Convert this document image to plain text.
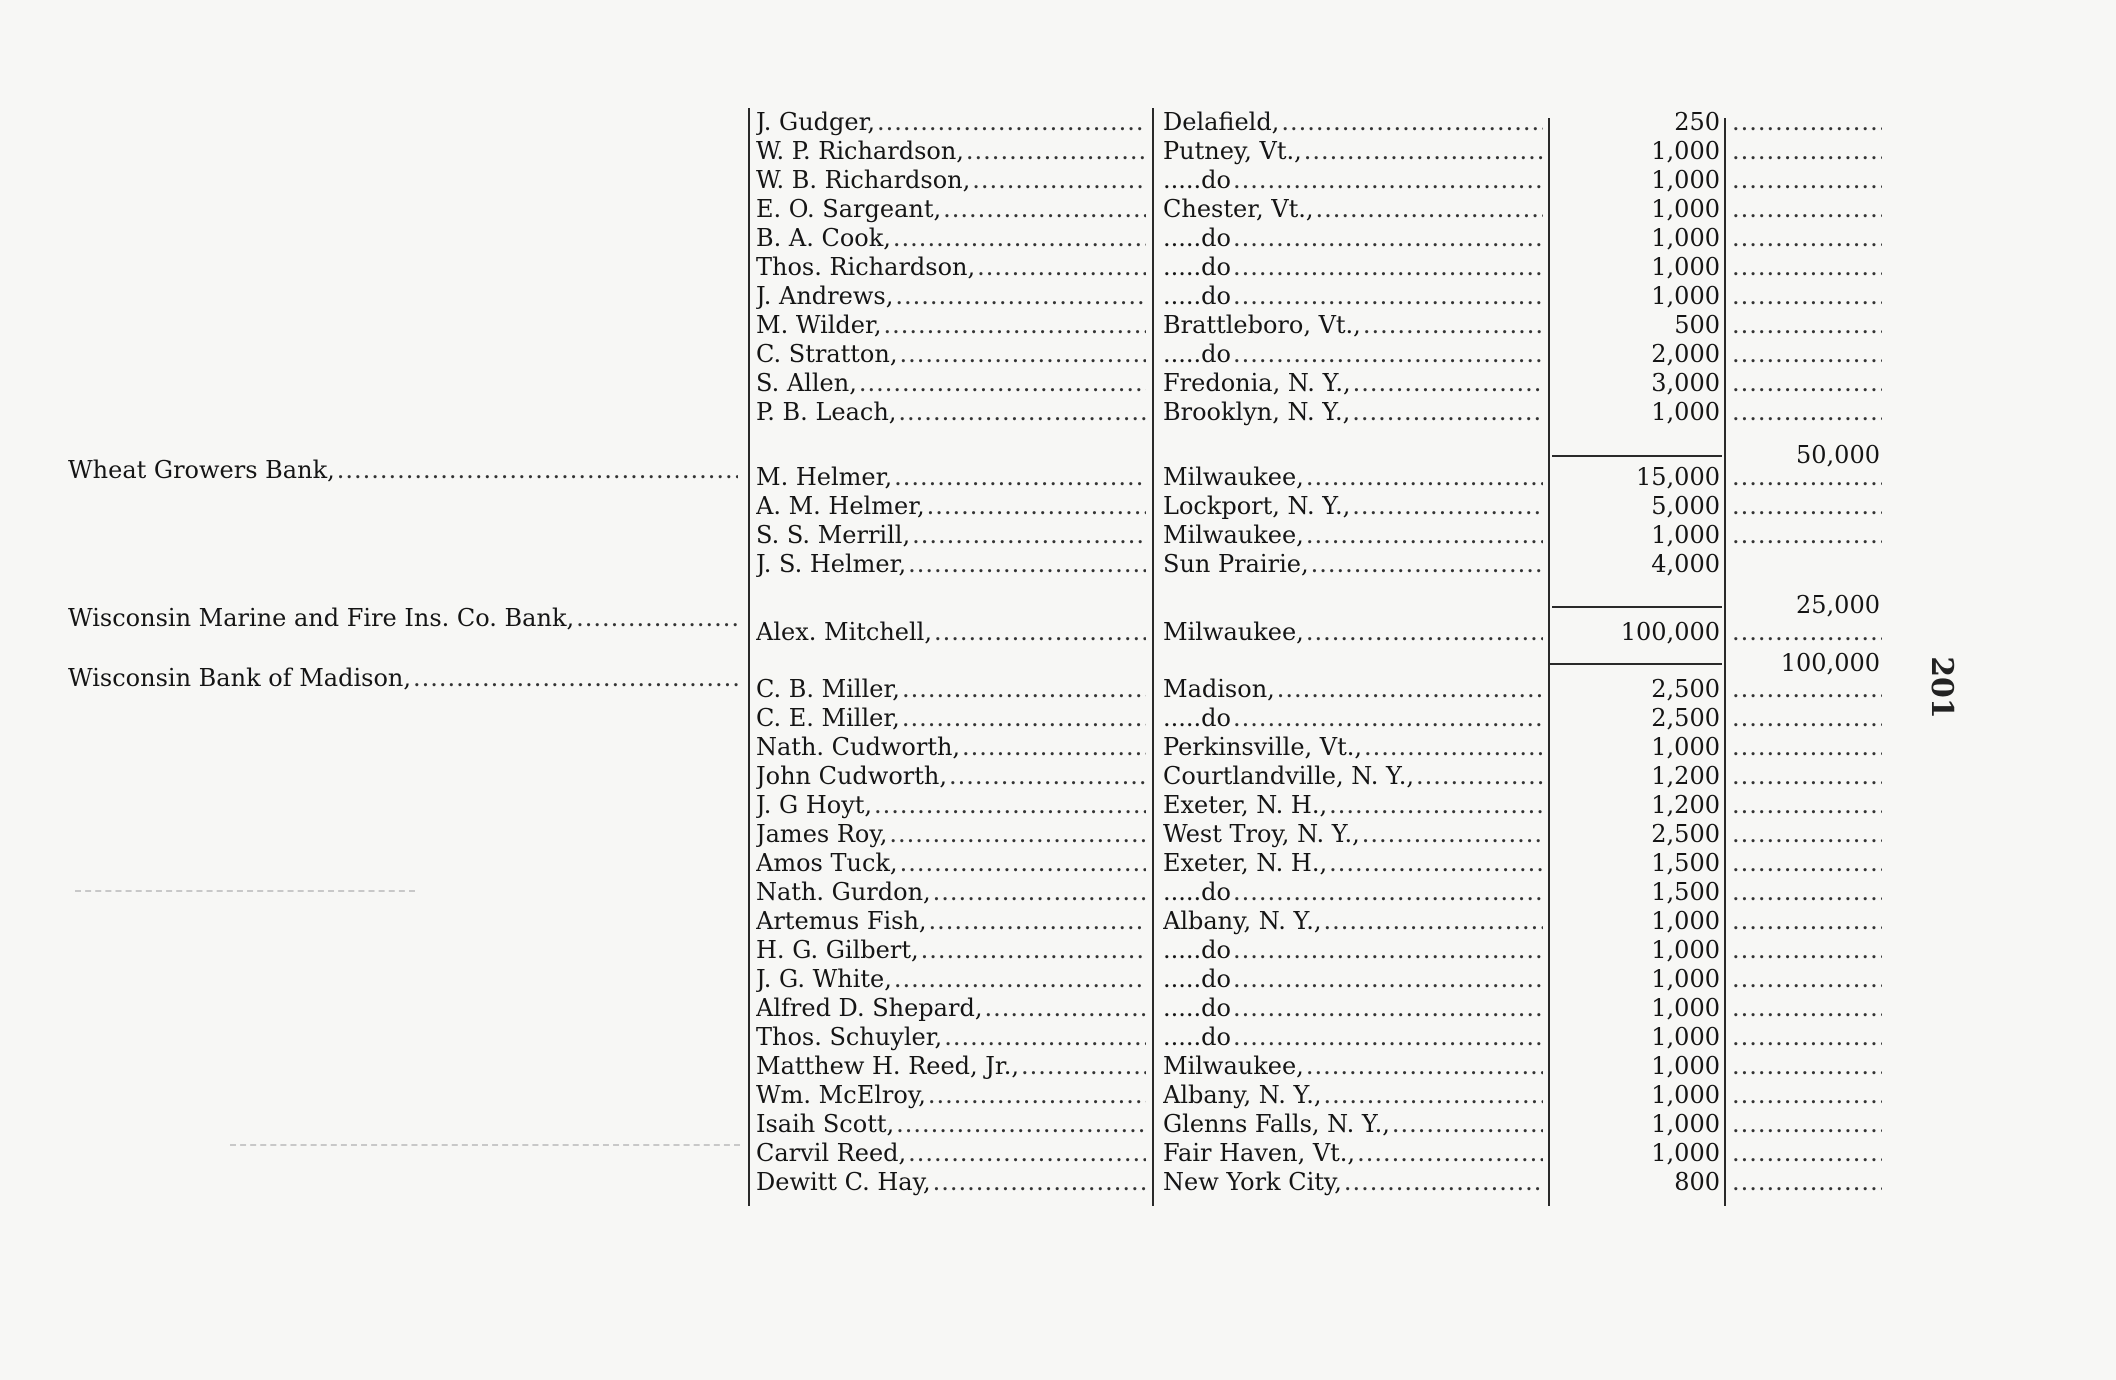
J. Gudger, .....	Delafield, .....	250
.....
W. P. Richardson, .....	Putney, Vt., .....	1,000
.....
W. B. Richardson, .....	.....do .....	1,000
.....
E. O. Sargeant, .....	Chester, Vt., .....	1,000
.....
B. A. Cook, .....	.....do .....	1,000
.....
Thos. Richardson, .....	.....do .....	1,000
.....
J. Andrews, .....	.....do .....	1,000
.....
M. Wilder, .....	Brattleboro, Vt., .....	500
.....
C. Stratton, .....	.....do .....	2,000
.....
S. Allen, .....	Fredonia, N. Y., .....	3,000
.....
P. B. Leach, .....	Brooklyn, N. Y., .....	1,000
.....
50,000
Wheat Growers Bank, .....	M. Helmer, .....	Milwaukee, .....	15,000
.....
A. M. Helmer, .....	Lockport, N. Y., .....	5,000
.....
S. S. Merrill, .....	Milwaukee, .....	1,000
.....
J. S. Helmer, .....	Sun Prairie, .....	4,000
25,000
Wisconsin Marine and Fire Ins. Co. Bank, .....	Alex. Mitchell, .....	Milwaukee, .....	100,000
.....
100,000
Wisconsin Bank of Madison, .....	C. B. Miller, .....	Madison, .....	2,500
.....
C. E. Miller, .....	.....do .....	2,500
.....
Nath. Cudworth, .....	Perkinsville, Vt., .....	1,000
.....
John Cudworth, .....	Courtlandville, N. Y., .....	1,200
.....
J. G Hoyt, .....	Exeter, N. H., .....	1,200
.....
James Roy, .....	West Troy, N. Y., .....	2,500
.....
Amos Tuck, .....	Exeter, N. H., .....	1,500
.....
Nath. Gurdon, .....	.....do .....	1,500
.....
Artemus Fish, .....	Albany, N. Y., .....	1,000
.....
H. G. Gilbert, .....	.....do .....	1,000
.....
J. G. White, .....	.....do .....	1,000
.....
Alfred D. Shepard, .....	.....do .....	1,000
.....
Thos. Schuyler, .....	.....do .....	1,000
.....
Matthew H. Reed, Jr., .....	Milwaukee, .....	1,000
.....
Wm. McElroy, .....	Albany, N. Y., .....	1,000
.....
Isaih Scott, .....	Glenns Falls, N. Y., .....	1,000
.....
Carvil Reed, .....	Fair Haven, Vt., .....	1,000
.....
Dewitt C. Hay, .....	New York City, .....	800
.....
201
